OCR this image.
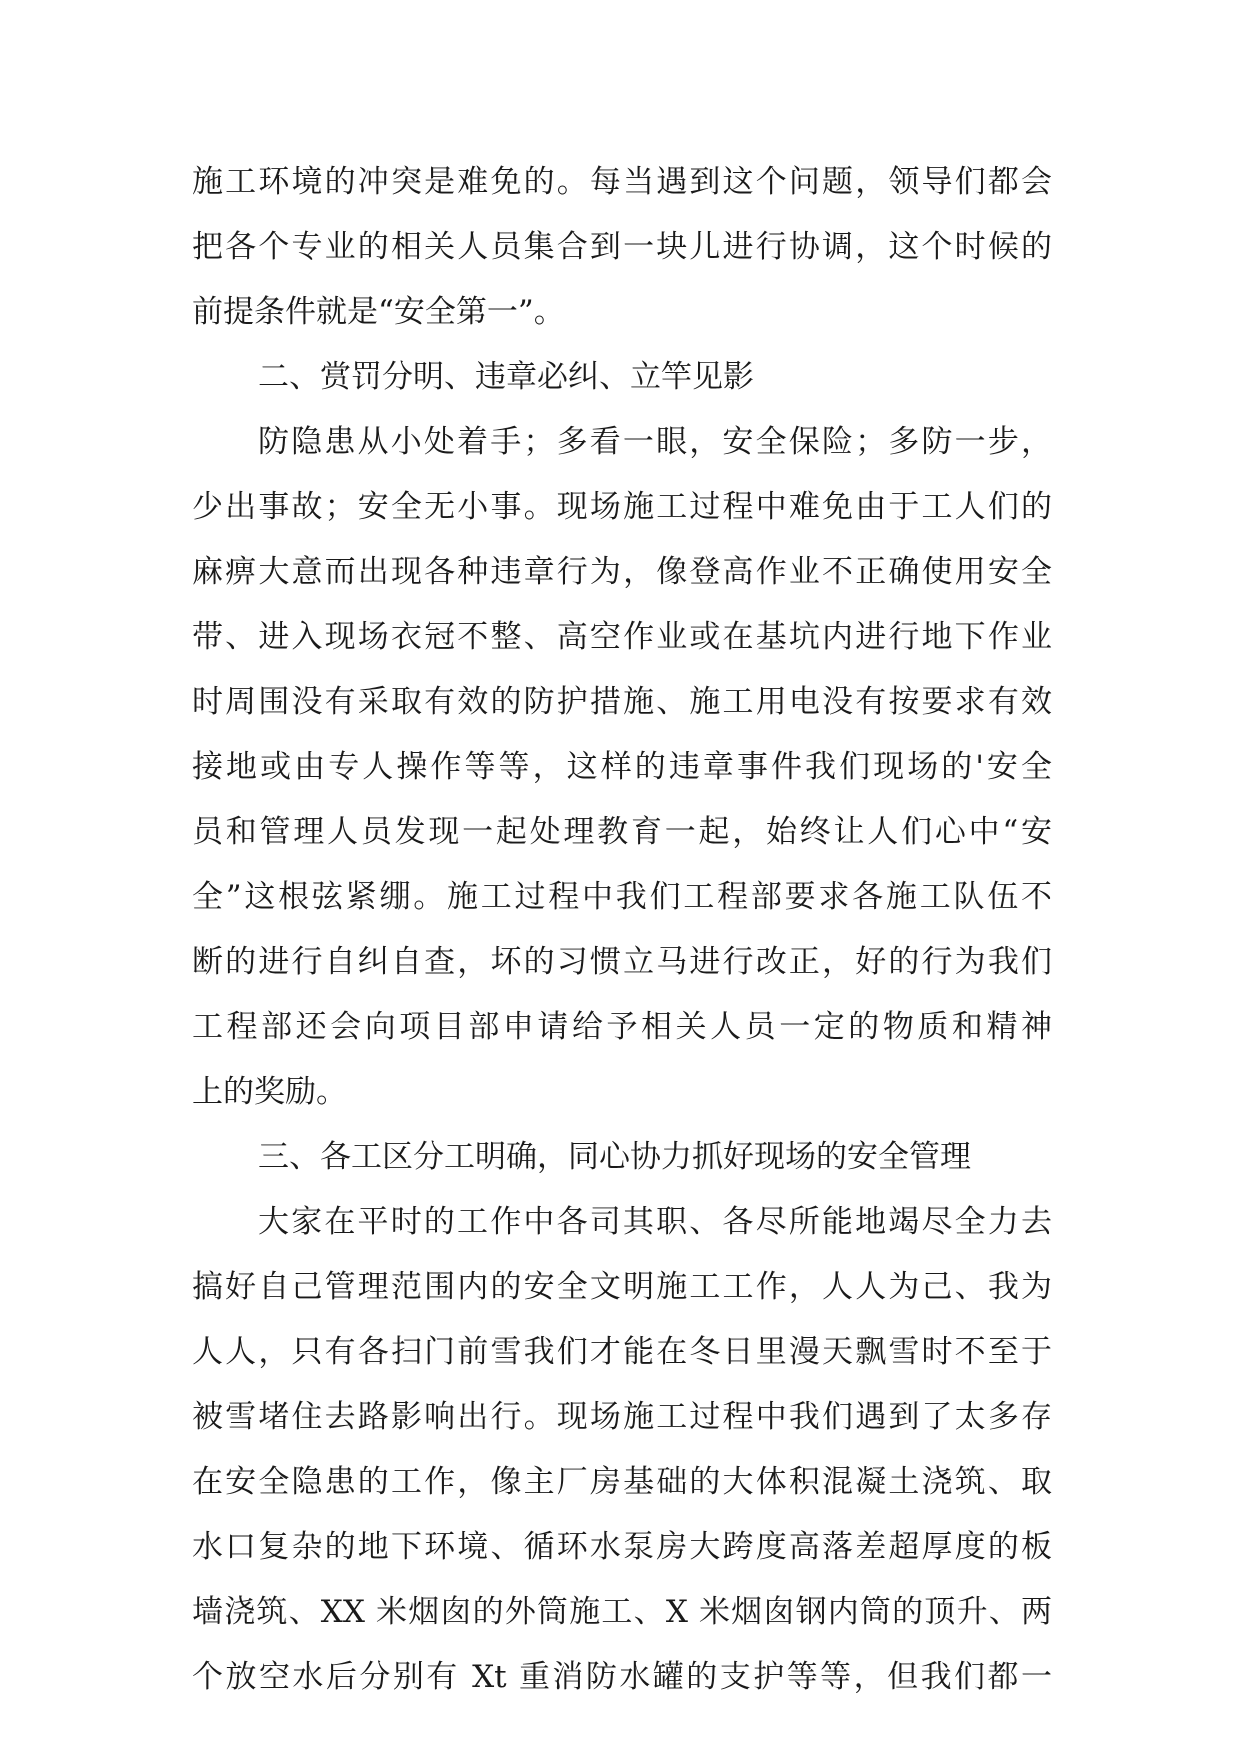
施工环境的冲突是难免的。每当遇到这个问题，领导们都会
把各个专业的相关人员集合到一块儿进行协调，这个时候的
前提条件就是“安全第一”。
二、赏罚分明、违章必纠、立竿见影
防隐患从小处着手；多看一眼，安全保险；多防一步，
少出事故；安全无小事。现场施工过程中难免由于工人们的
麻痹大意而出现各种违章行为，像登高作业不正确使用安全
带、进入现场衣冠不整、高空作业或在基坑内进行地下作业
时周围没有采取有效的防护措施、施工用电没有按要求有效
接地或由专人操作等等，这样的违章事件我们现场的'安全
员和管理人员发现一起处理教育一起，始终让人们心中“安
全”这根弦紧绷。施工过程中我们工程部要求各施工队伍不
断的进行自纠自查，坏的习惯立马进行改正，好的行为我们
工程部还会向项目部申请给予相关人员一定的物质和精神
上的奖励。
三、各工区分工明确，同心协力抓好现场的安全管理
大家在平时的工作中各司其职、各尽所能地竭尽全力去
搞好自己管理范围内的安全文明施工工作，人人为己、我为
人人，只有各扫门前雪我们才能在冬日里漫天飘雪时不至于
被雪堵住去路影响出行。现场施工过程中我们遇到了太多存
在安全隐患的工作，像主厂房基础的大体积混凝土浇筑、取
水口复杂的地下环境、循环水泵房大跨度高落差超厚度的板
墙浇筑、XX 米烟囱的外筒施工、X 米烟囱钢内筒的顶升、两
个放空水后分别有 Xt 重消防水罐的支护等等，但我们都一
